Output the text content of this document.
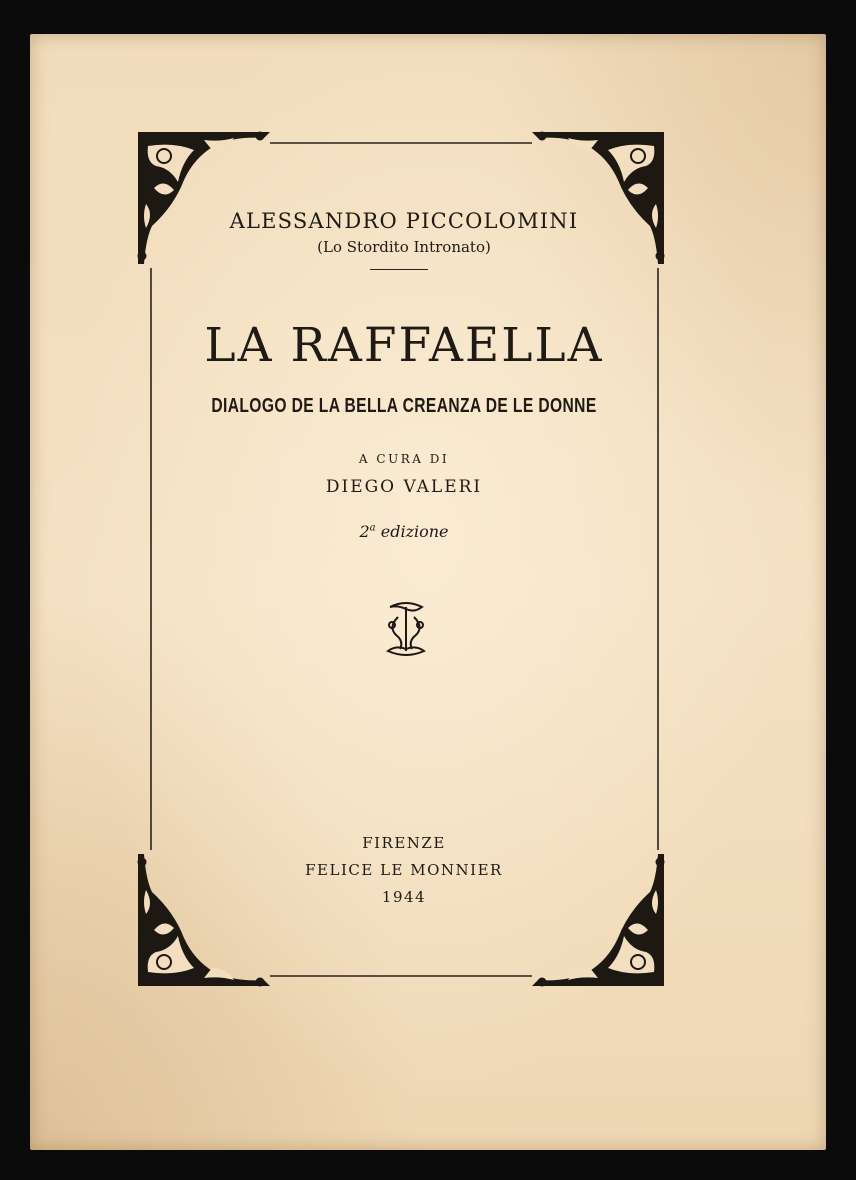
ALESSANDRO PICCOLOMINI
(Lo Stordito Intronato)
LA RAFFAELLA
DIALOGO DE LA BELLA CREANZA DE LE DONNE
A CURA DI
DIEGO VALERI
2$^a$ edizione
FIRENZE
FELICE LE MONNIER
1944
